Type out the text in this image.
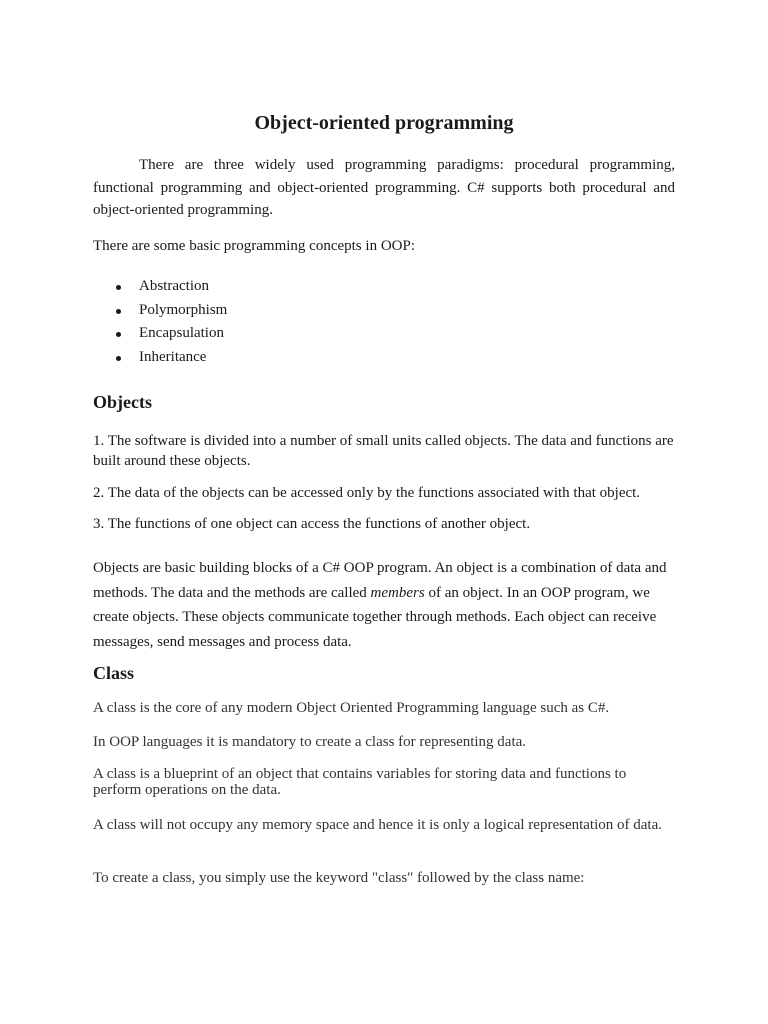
Object-oriented programming

There are three widely used programming paradigms: procedural programming, functional programming and object-oriented programming. C# supports both procedural and object-oriented programming.

There are some basic programming concepts in OOP:

Abstraction
Polymorphism
Encapsulation
Inheritance
Objects

1. The software is divided into a number of small units called objects. The data and functions are built around these objects.

2. The data of the objects can be accessed only by the functions associated with that object.

3. The functions of one object can access the functions of another object.

Objects are basic building blocks of a C# OOP program. An object is a combination of data and methods. The data and the methods are called members of an object. In an OOP program, we create objects. These objects communicate together through methods. Each object can receive messages, send messages and process data.

Class

A class is the core of any modern Object Oriented Programming language such as C#.

In OOP languages it is mandatory to create a class for representing data.

A class is a blueprint of an object that contains variables for storing data and functions to perform operations on the data.

A class will not occupy any memory space and hence it is only a logical representation of data.

To create a class, you simply use the keyword "class" followed by the class name:
